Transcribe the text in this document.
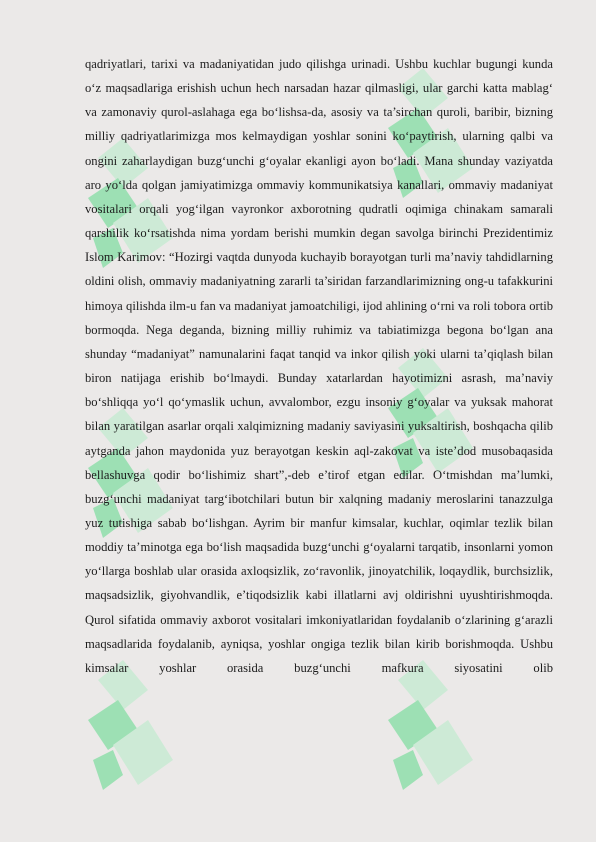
qadriyatlari, tarixi va madaniyatidan judo qilishga urinadi. Ushbu kuchlar bugungi kunda o‘z maqsadlariga erishish uchun hech narsadan hazar qilmasligi, ular garchi katta mablag‘ va zamonaviy qurol-aslahaga ega bo‘lishsa-da, asosiy va ta’sirchan quroli, baribir, bizning milliy qadriyatlarimizga mos kelmaydigan yoshlar sonini ko‘paytirish, ularning qalbi va ongini zaharlaydigan buzg‘unchi g‘oyalar ekanligi ayon bo‘ladi. Mana shunday vaziyatda aro yo‘lda qolgan jamiyatimizga ommaviy kommunikatsiya kanallari, ommaviy madaniyat vositalari orqali yog‘ilgan vayronkor axborotning qudratli oqimiga chinakam samarali qarshilik ko‘rsatishda nima yordam berishi mumkin degan savolga birinchi Prezidentimiz Islom Karimov: “Hozirgi vaqtda dunyoda kuchayib borayotgan turli ma’naviy tahdidlarning oldini olish, ommaviy madaniyatning zararli ta’siridan farzandlarimizning ong-u tafakkurini himoya qilishda ilm-u fan va madaniyat jamoatchiligi, ijod ahlining o‘rni va roli tobora ortib bormoqda. Nega deganda, bizning milliy ruhimiz va tabiatimizga begona bo‘lgan ana shunday “madaniyat” namunalarini faqat tanqid va inkor qilish yoki ularni ta’qiqlash bilan biron natijaga erishib bo‘lmaydi. Bunday xatarlardan hayotimizni asrash, ma’naviy bo‘shliqqa yo‘l qo‘ymaslik uchun, avvalombor, ezgu insoniy g‘oyalar va yuksak mahorat bilan yaratilgan asarlar orqali xalqimizning madaniy saviyasini yuksaltirish, boshqacha qilib aytganda jahon maydonida yuz berayotgan keskin aql-zakovat va iste’dod musobaqasida bellashuvga qodir bo‘lishimiz shart”,-deb e’tirof etgan edilar. O‘tmishdan ma’lumki, buzg‘unchi madaniyat targ‘ibotchilari butun bir xalqning madaniy meroslarini tanazzulga yuz tutishiga sabab bo‘lishgan. Ayrim bir manfur kimsalar, kuchlar, oqimlar tezlik bilan moddiy ta’minotga ega bo‘lish maqsadida buzg‘unchi g‘oyalarni tarqatib, insonlarni yomon yo‘llarga boshlab ular orasida axloqsizlik, zo‘ravonlik, jinoyatchilik, loqaydlik, burchsizlik, maqsadsizlik, giyohvandlik, e’tiqodsizlik kabi illatlarni avj oldirishni uyushtirishmoqda. Qurol sifatida ommaviy axborot vositalari imkoniyatlaridan foydalanib o‘zlarining g‘arazli maqsadlarida foydalanib, ayniqsa, yoshlar ongiga tezlik bilan kirib borishmoqda. Ushbu kimsalar yoshlar orasida buzg‘unchi mafkura siyosatini olib
